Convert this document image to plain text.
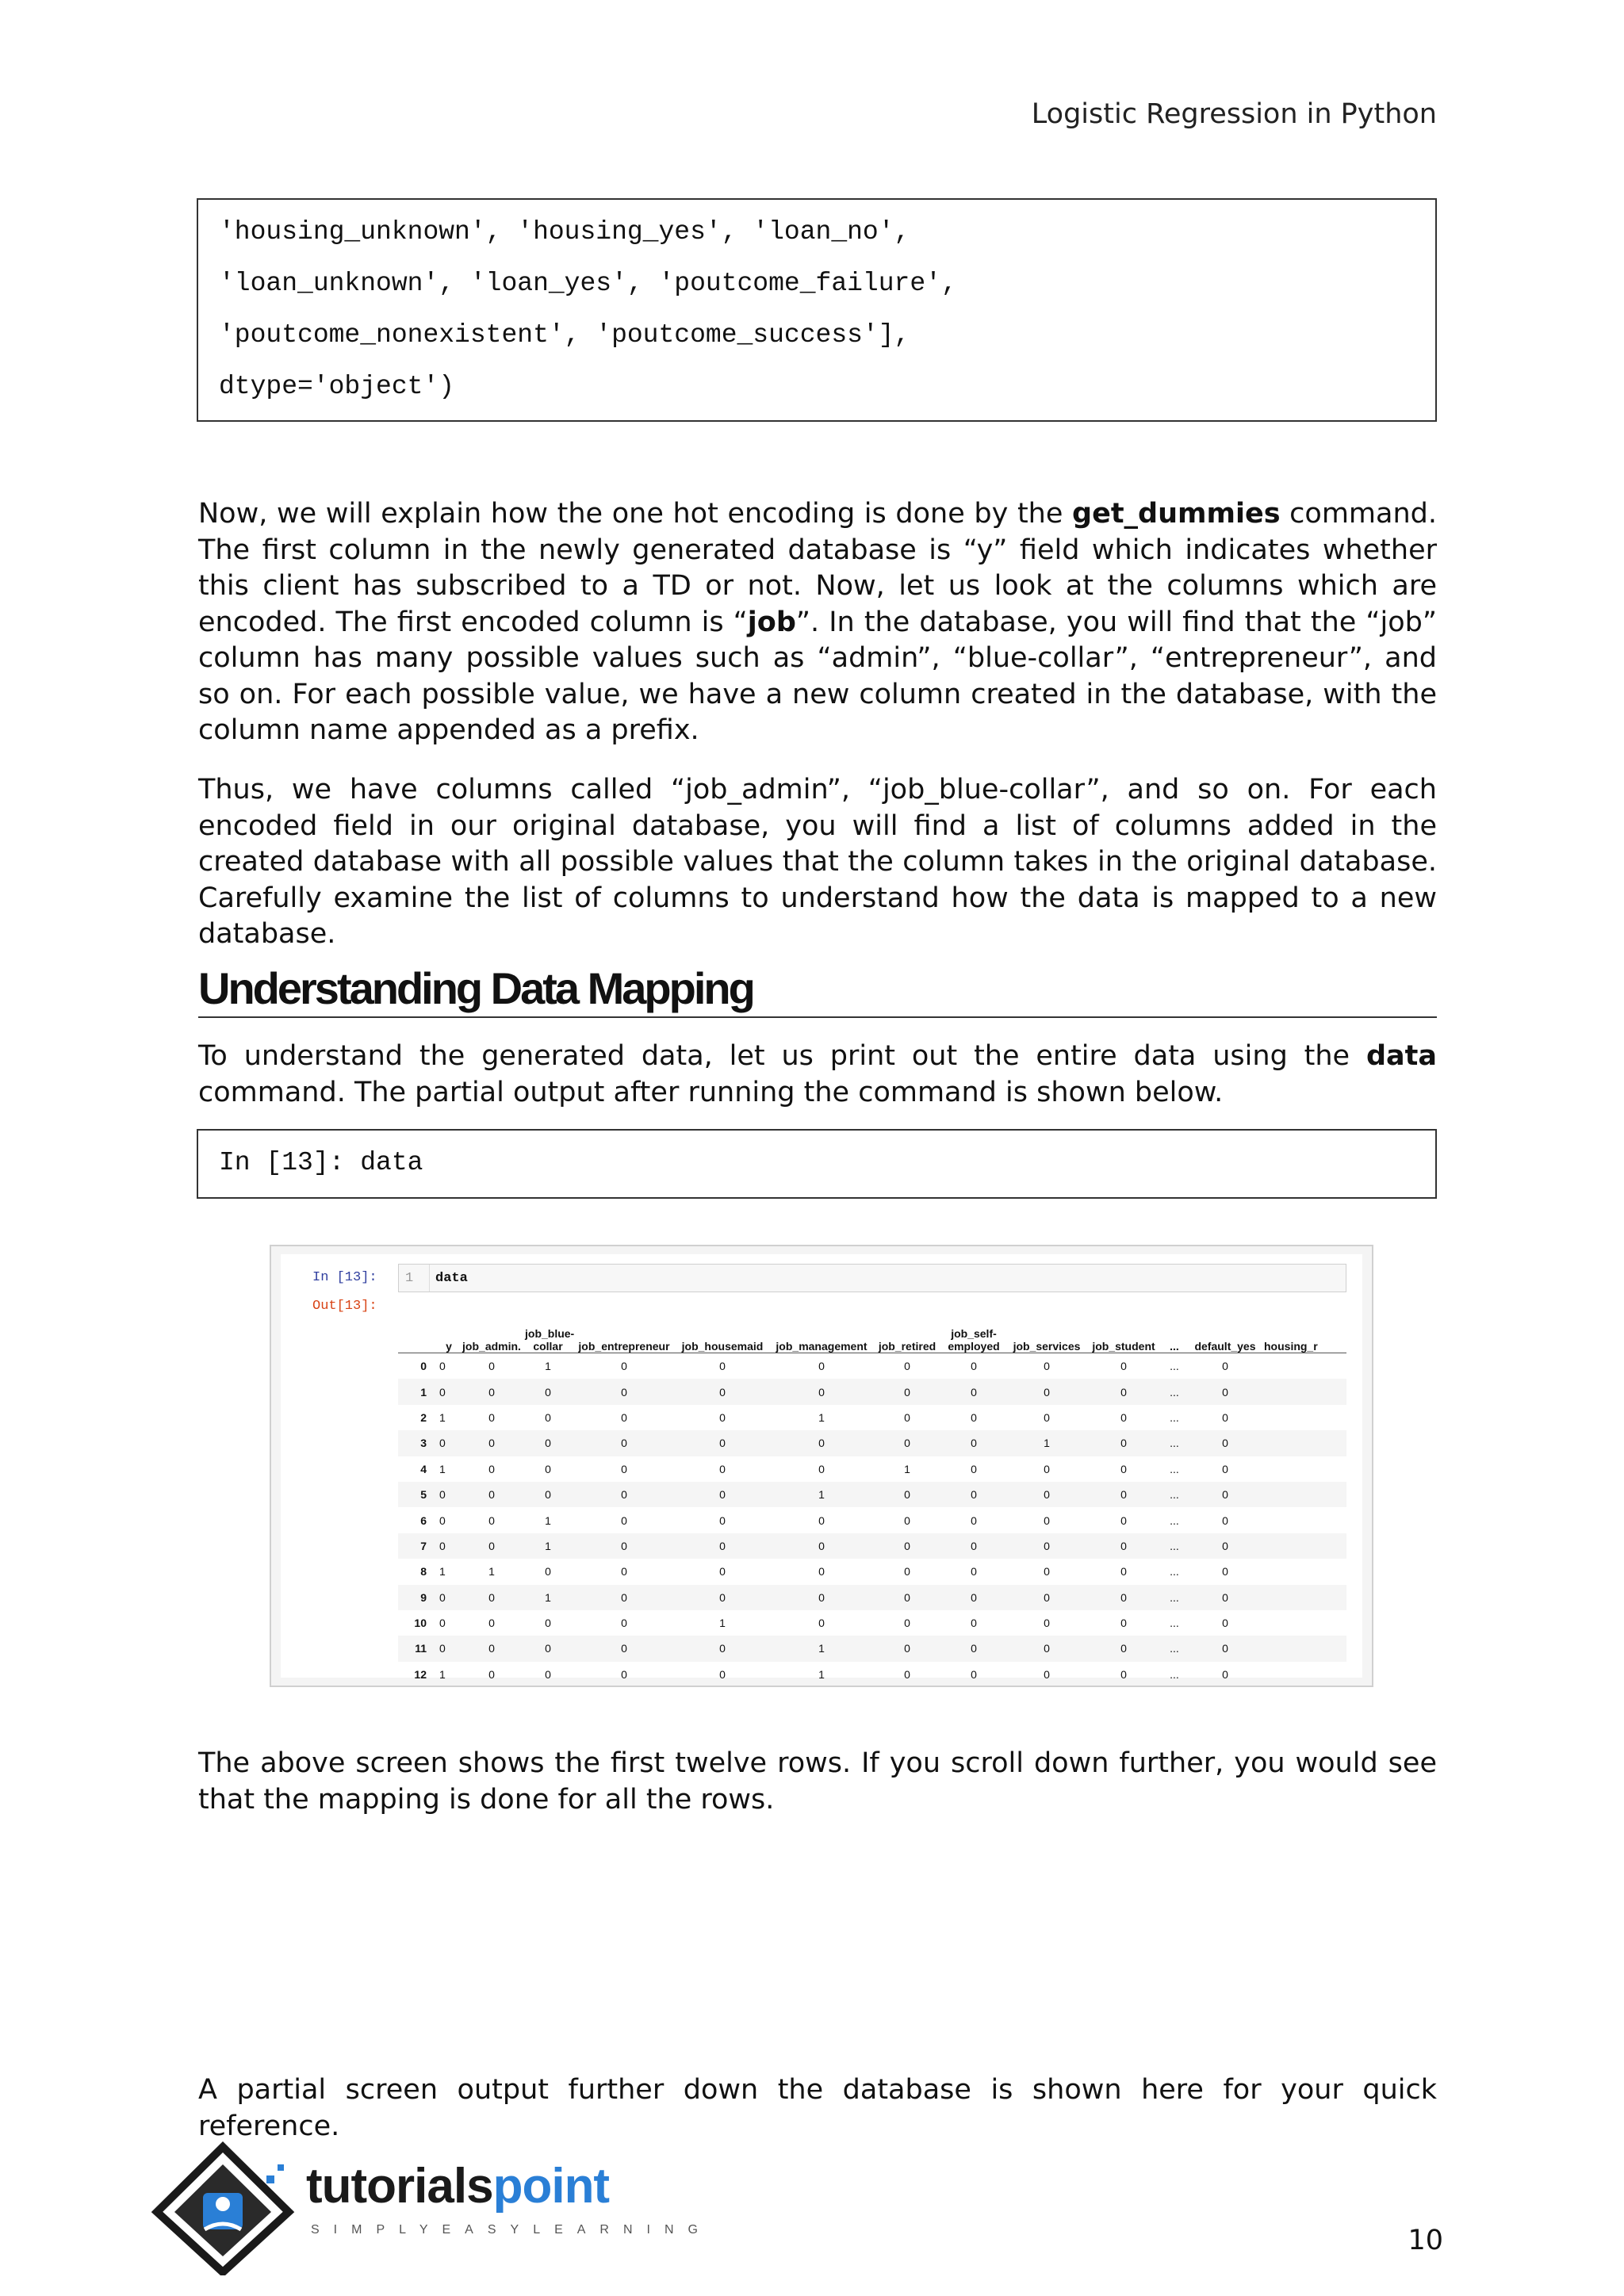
Logistic Regression in Python
'housing_unknown', 'housing_yes', 'loan_no',
'loan_unknown', 'loan_yes', 'poutcome_failure',
'poutcome_nonexistent', 'poutcome_success'],
dtype='object')
Now, we will explain how the one hot encoding is done by the get_dummies command. The first column in the newly generated database is “y” field which indicates whether this client has subscribed to a TD or not. Now, let us look at the columns which are encoded. The first encoded column is “job”. In the database, you will find that the “job” column has many possible values such as “admin”, “blue-collar”, “entrepreneur”, and so on. For each possible value, we have a new column created in the database, with the column name appended as a prefix.
Thus, we have columns called “job_admin”, “job_blue-collar”, and so on. For each encoded field in our original database, you will find a list of columns added in the created database with all possible values that the column takes in the original database. Carefully examine the list of columns to understand how the data is mapped to a new database.
Understanding Data Mapping
To understand the generated data, let us print out the entire data using the data command. The partial output after running the command is shown below.
In [13]: data
In [13]:
Out[13]:
1 data
	y	job_admin.	job_blue-collar	job_entrepreneur	job_housemaid	job_management	job_retired	job_self-employed	job_services	job_student	...	default_yes	housing_r
0	0	0	1	0	0	0	0	0	0	0	...	0	
1	0	0	0	0	0	0	0	0	0	0	...	0	
2	1	0	0	0	0	1	0	0	0	0	...	0	
3	0	0	0	0	0	0	0	0	1	0	...	0	
4	1	0	0	0	0	0	1	0	0	0	...	0	
5	0	0	0	0	0	1	0	0	0	0	...	0	
6	0	0	1	0	0	0	0	0	0	0	...	0	
7	0	0	1	0	0	0	0	0	0	0	...	0	
8	1	1	0	0	0	0	0	0	0	0	...	0	
9	0	0	1	0	0	0	0	0	0	0	...	0	
10	0	0	0	0	1	0	0	0	0	0	...	0	
11	0	0	0	0	0	1	0	0	0	0	...	0	
12	1	0	0	0	0	1	0	0	0	0	...	0	
The above screen shows the first twelve rows. If you scroll down further, you would see that the mapping is done for all the rows.
A partial screen output further down the database is shown here for your quick reference.
tutorialspoint
SIMPLYEASYLEARNING	10
